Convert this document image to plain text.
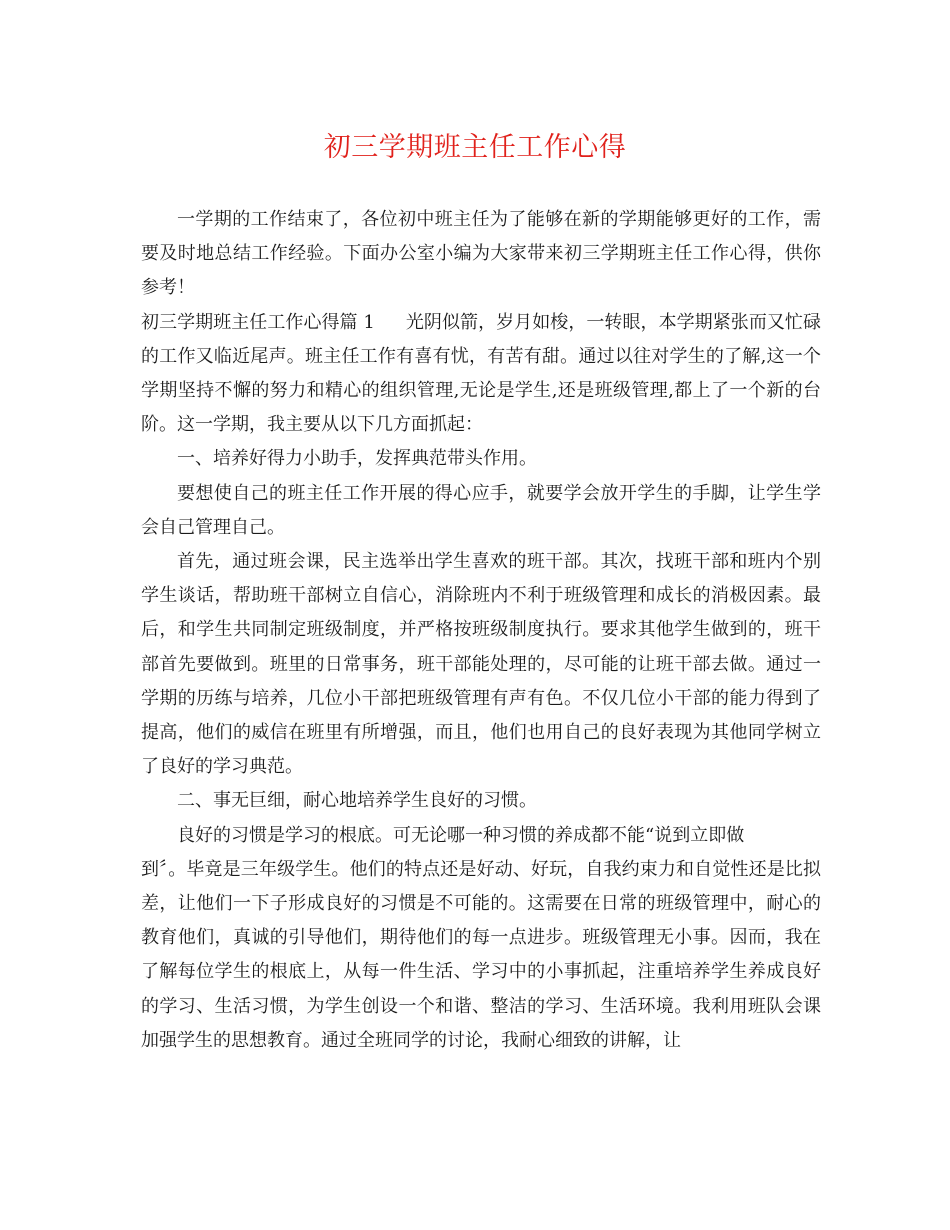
初三学期班主任工作心得

一学期的工作结束了，各位初中班主任为了能够在新的学期能够更好的工作，需要及时地总结工作经验。下面办公室小编为大家带来初三学期班主任工作心得，供你参考！

初三学期班主任工作心得篇 1 光阴似箭，岁月如梭，一转眼，本学期紧张而又忙碌的工作又临近尾声。班主任工作有喜有忧，有苦有甜。通过以往对学生的了解,这一个学期坚持不懈的努力和精心的组织管理,无论是学生,还是班级管理,都上了一个新的台阶。这一学期，我主要从以下几方面抓起：

一、培养好得力小助手，发挥典范带头作用。

要想使自己的班主任工作开展的得心应手，就要学会放开学生的手脚，让学生学会自己管理自己。

首先，通过班会课，民主选举出学生喜欢的班干部。其次，找班干部和班内个别学生谈话，帮助班干部树立自信心，消除班内不利于班级管理和成长的消极因素。最后，和学生共同制定班级制度，并严格按班级制度执行。要求其他学生做到的，班干部首先要做到。班里的日常事务，班干部能处理的，尽可能的让班干部去做。通过一学期的历练与培养，几位小干部把班级管理有声有色。不仅几位小干部的能力得到了提高，他们的威信在班里有所增强，而且，他们也用自己的良好表现为其他同学树立了良好的学习典范。

二、事无巨细，耐心地培养学生良好的习惯。

良好的习惯是学习的根底。可无论哪一种习惯的养成都不能“说到立即做

到〞。毕竟是三年级学生。他们的特点还是好动、好玩，自我约束力和自觉性还是比拟差，让他们一下子形成良好的习惯是不可能的。这需要在日常的班级管理中，耐心的教育他们，真诚的引导他们，期待他们的每一点进步。班级管理无小事。因而，我在了解每位学生的根底上，从每一件生活、学习中的小事抓起，注重培养学生养成良好的学习、生活习惯，为学生创设一个和谐、整洁的学习、生活环境。我利用班队会课加强学生的思想教育。通过全班同学的讨论，我耐心细致的讲解，让
